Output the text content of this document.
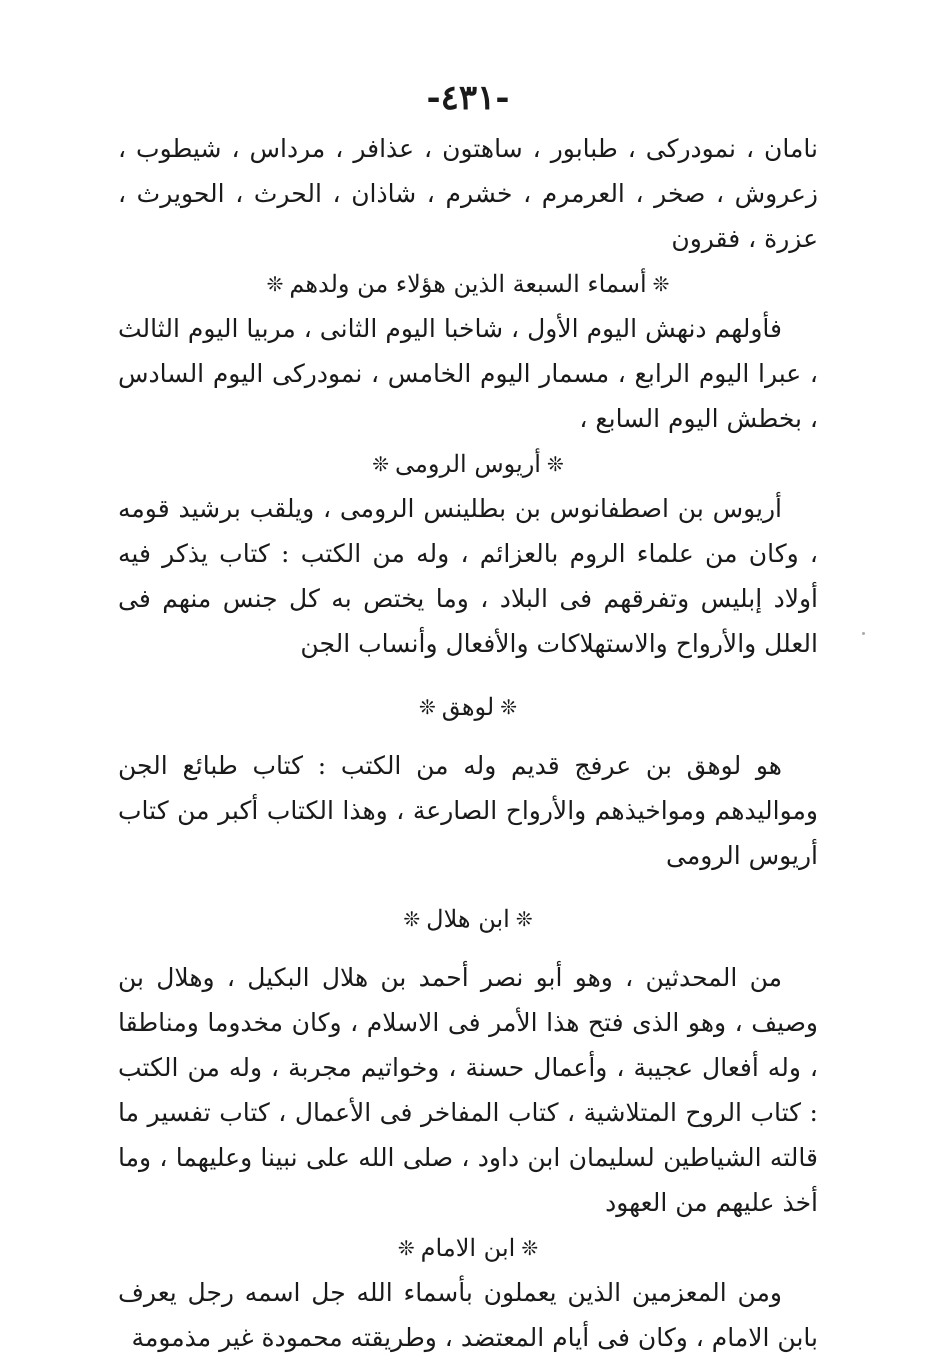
-٤٣١-

نامان ، نمودركى ، طبابور ، ساهتون ، عذافر ، مرداس ، شيطوب ، زعروش ، صخر ، العرمرم ، خشرم ، شاذان ، الحرث ، الحويرث ، عزرة ، فقرون

❊أسماء السبعة الذين هؤلاء من ولدهم❊

فأولهم دنهش اليوم الأول ، شاخبا اليوم الثانى ، مربيا اليوم الثالث ، عبرا اليوم الرابع ، مسمار اليوم الخامس ، نمودركى اليوم السادس ، بخطش اليوم السابع ،

❊أريوس الرومى❊

أريوس بن اصطفانوس بن بطلينس الرومى ، ويلقب برشيد قومه ، وكان من علماء الروم بالعزائم ، وله من الكتب : كتاب يذكر فيه أولاد إبليس وتفرقهم فى البلاد ، وما يختص به كل جنس منهم فى العلل والأرواح والاستهلاكات والأفعال وأنساب الجن

❊لوهق❊

هو لوهق بن عرفج قديم وله من الكتب : كتاب طبائع الجن ومواليدهم ومواخيذهم والأرواح الصارعة ، وهذا الكتاب أكبر من كتاب أريوس الرومى

❊ابن هلال❊

من المحدثين ، وهو أبو نصر أحمد بن هلال البكيل ، وهلال بن وصيف ، وهو الذى فتح هذا الأمر فى الاسلام ، وكان مخدوما ومناطقا ، وله أفعال عجيبة ، وأعمال حسنة ، وخواتيم مجربة ، وله من الكتب : كتاب الروح المتلاشية ، كتاب المفاخر فى الأعمال ، كتاب تفسير ما قالته الشياطين لسليمان ابن داود ، صلى الله على نبينا وعليهما ، وما أخذ عليهم من العهود

❊ابن الامام❊

ومن المعزمين الذين يعملون بأسماء الله جل اسمه رجل يعرف بابن الامام ، وكان فى أيام المعتضد ، وطريقته محمودة غير مذمومة
